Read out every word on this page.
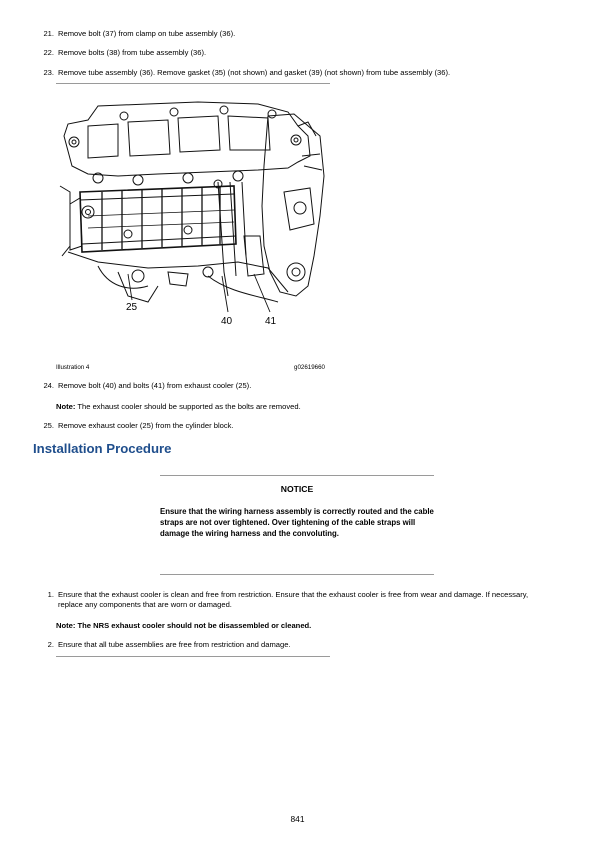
21. Remove bolt (37) from clamp on tube assembly (36).
22. Remove bolts (38) from tube assembly (36).
23. Remove tube assembly (36). Remove gasket (35) (not shown) and gasket (39) (not shown) from tube assembly (36).
25
40	41
Illustration 4	g02619660
24. Remove bolt (40) and bolts (41) from exhaust cooler (25).
Note: The exhaust cooler should be supported as the bolts are removed.
25. Remove exhaust cooler (25) from the cylinder block.
Installation Procedure
NOTICE
Ensure that the wiring harness assembly is correctly routed and the cable straps are not over tightened. Over tightening of the cable straps will damage the wiring harness and the convoluting.
1. Ensure that the exhaust cooler is clean and free from restriction. Ensure that the exhaust cooler is free from wear and damage. If necessary, replace any components that are worn or damaged.
Note: The NRS exhaust cooler should not be disassembled or cleaned.
2. Ensure that all tube assemblies are free from restriction and damage.
841
